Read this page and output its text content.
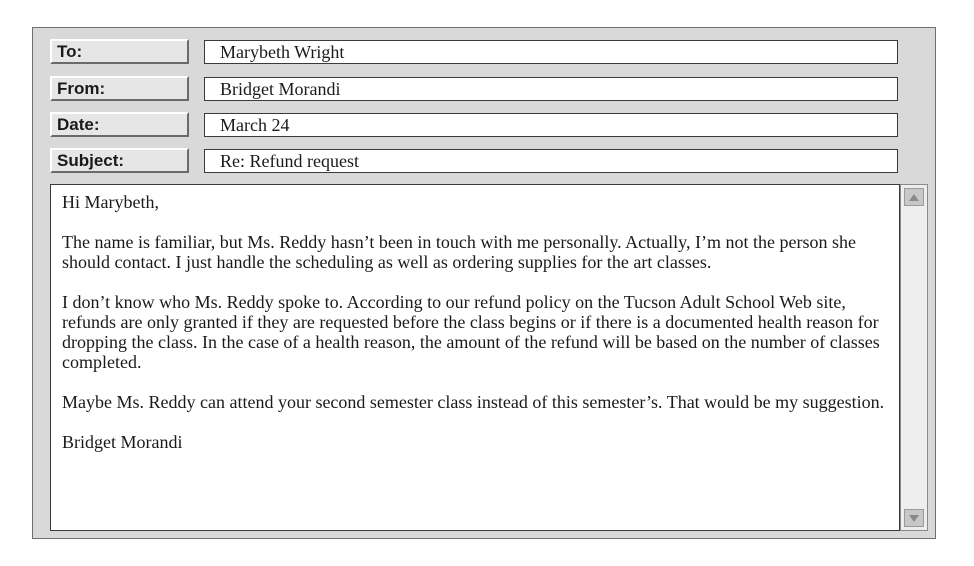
To:	Marybeth Wright
From:	Bridget Morandi
Date:	March 24
Subject:	Re: Refund request

Hi Marybeth,

The name is familiar, but Ms. Reddy hasn’t been in touch with me personally. Actually, I’m not the person she should contact. I just handle the scheduling as well as ordering supplies for the art classes.

I don’t know who Ms. Reddy spoke to. According to our refund policy on the Tucson Adult School Web site, refunds are only granted if they are requested before the class begins or if there is a documented health reason for dropping the class. In the case of a health reason, the amount of the refund will be based on the number of classes completed.

Maybe Ms. Reddy can attend your second semester class instead of this semester’s. That would be my suggestion.

Bridget Morandi
